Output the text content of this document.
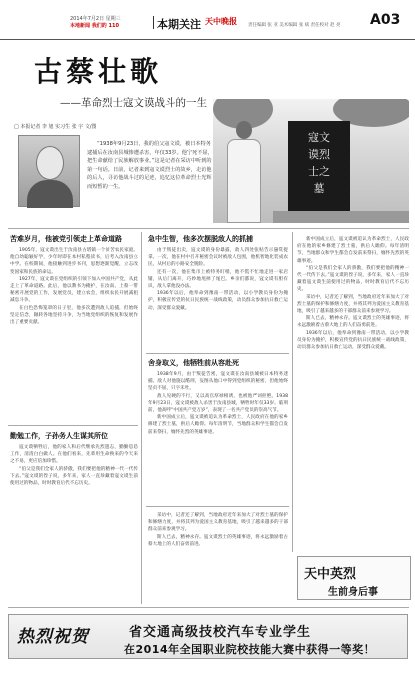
2014年7月2日 星期三
本地新闻 我们的 110	本期关注 天中晚报 责任编辑 张 亚 美术编辑 张 斌 责任校对 赵 亮 A03
古蔡壮歌
——革命烈士寇文谟战斗的一生
□ 本报记者 李 旭 实习生 张 宇 文/图
“1938年9月23日，我的伯父寇文谟，被日本特务逮捕后在汝南县城惨遭杀害，年仅33岁。他宁死不屈，把生命献给了民族解放事业。”这是记者在采访中听到的第一句话。日前，记者来到寇文谟烈士的故乡，走访他的后人，寻访他战斗过的足迹，追忆这位革命烈士光辉而短暂的一生。
寇文谟烈士之墓
苦难岁月，他被党引领走上革命道路

1905年，寇文谟出生于汝南县古塔镇一个贫苦农民家庭。他自幼聪颖好学，少年时即在本村私塾读书，后考入汝南县立中学。在校期间，他接触到进步书刊，思想逐渐觉醒，立志改变国家和民族的命运。

1927年，寇文谟在党组织的引领下加入中国共产党，从此走上了革命道路。此后，他以教书为掩护，在汝南、上蔡一带秘密开展党的工作，发展党员，建立农会，组织农民开展减租减息斗争。

在白色恐怖笼罩的日子里，他多次遭到敌人追捕，但始终坚定信念，辗转各地坚持斗争，为当地党组织的恢复和发展作出了重要贡献。

勤勉工作，子孙务人生谋其所位

寇文谟牺牲后，他的家人和后代继承先烈遗志，勤勤恳恳工作，清清白白做人。在他们看来，先辈用生命换来的今天来之不易，更应倍加珍惜。

“伯父是我们全家人的骄傲，我们要把他的精神一代一代传下去。”寇文谟的侄子说，多年来，家人一直珍藏着寇文谟生前使用过的物品，时时教育后代不忘历史。

急中生智，他多次摆脱敌人的抓捕

由于叛徒出卖，寇文谟的身份暴露，敌人四处张贴告示悬赏捉拿。一次，他在村中召开秘密会议时被敌人包围，他机智地化装成农民，从村后的小路安全脱险。

还有一次，他在集市上被特务盯梢，他不慌不忙地走进一家店铺，从后门离开，巧妙地甩掉了尾巴。乡亲们都说，寇文谟有胆有识，敌人拿他没办法。

1936年以后，他奉命到豫南一带活动，以小学教员身份为掩护，积极宣传党的抗日民族统一战线政策，动员群众参加抗日救亡运动，深受群众爱戴。

舍身取义，他牺牲前从容赴死

1938年9月，由于叛徒告密，寇文谟在汝南县城被日本特务逮捕。敌人对他施以酷刑，妄图从他口中得到党组织的秘密，但他始终坚贞不屈，只字未吐。

敌人见硬的不行，又以高官厚禄相诱，也被他严词拒绝。1938年9月23日，寇文谟被敌人杀害于汝南县城，牺牲时年仅33岁。临刑前，他高呼“中国共产党万岁”，表现了一名共产党员的崇高气节。

新中国成立后，寇文谟被追认为革命烈士，人民政府在他的家乡修建了烈士墓，供后人瞻仰。每年清明节，当地群众和学生都会自发前来祭扫，缅怀先烈的英雄事迹。

采访中，记者还了解到，当地政府近年来加大了对烈士墓的保护和修缮力度，并将其列为爱国主义教育基地，吸引了越来越多的干部群众前来参观学习。

斯人已去，精神永存。寇文谟烈士的英雄事迹，将永远激励着古蔡大地上的人们奋勇前进。

新中国成立后，寇文谟被追认为革命烈士，人民政府在他的家乡修建了烈士墓，供后人瞻仰。每年清明节，当地群众和学生都会自发前来祭扫，缅怀先烈的英雄事迹。

“伯父是我们全家人的骄傲，我们要把他的精神一代一代传下去。”寇文谟的侄子说，多年来，家人一直珍藏着寇文谟生前使用过的物品，时时教育后代不忘历史。

采访中，记者还了解到，当地政府近年来加大了对烈士墓的保护和修缮力度，并将其列为爱国主义教育基地，吸引了越来越多的干部群众前来参观学习。

斯人已去，精神永存。寇文谟烈士的英雄事迹，将永远激励着古蔡大地上的人们奋勇前进。

1936年以后，他奉命到豫南一带活动，以小学教员身份为掩护，积极宣传党的抗日民族统一战线政策，动员群众参加抗日救亡运动，深受群众爱戴。

天中英烈
生前身后事
热烈祝贺	省交通高级技校汽车专业学生
在2014年全国职业院校技能大赛中获得一等奖！
